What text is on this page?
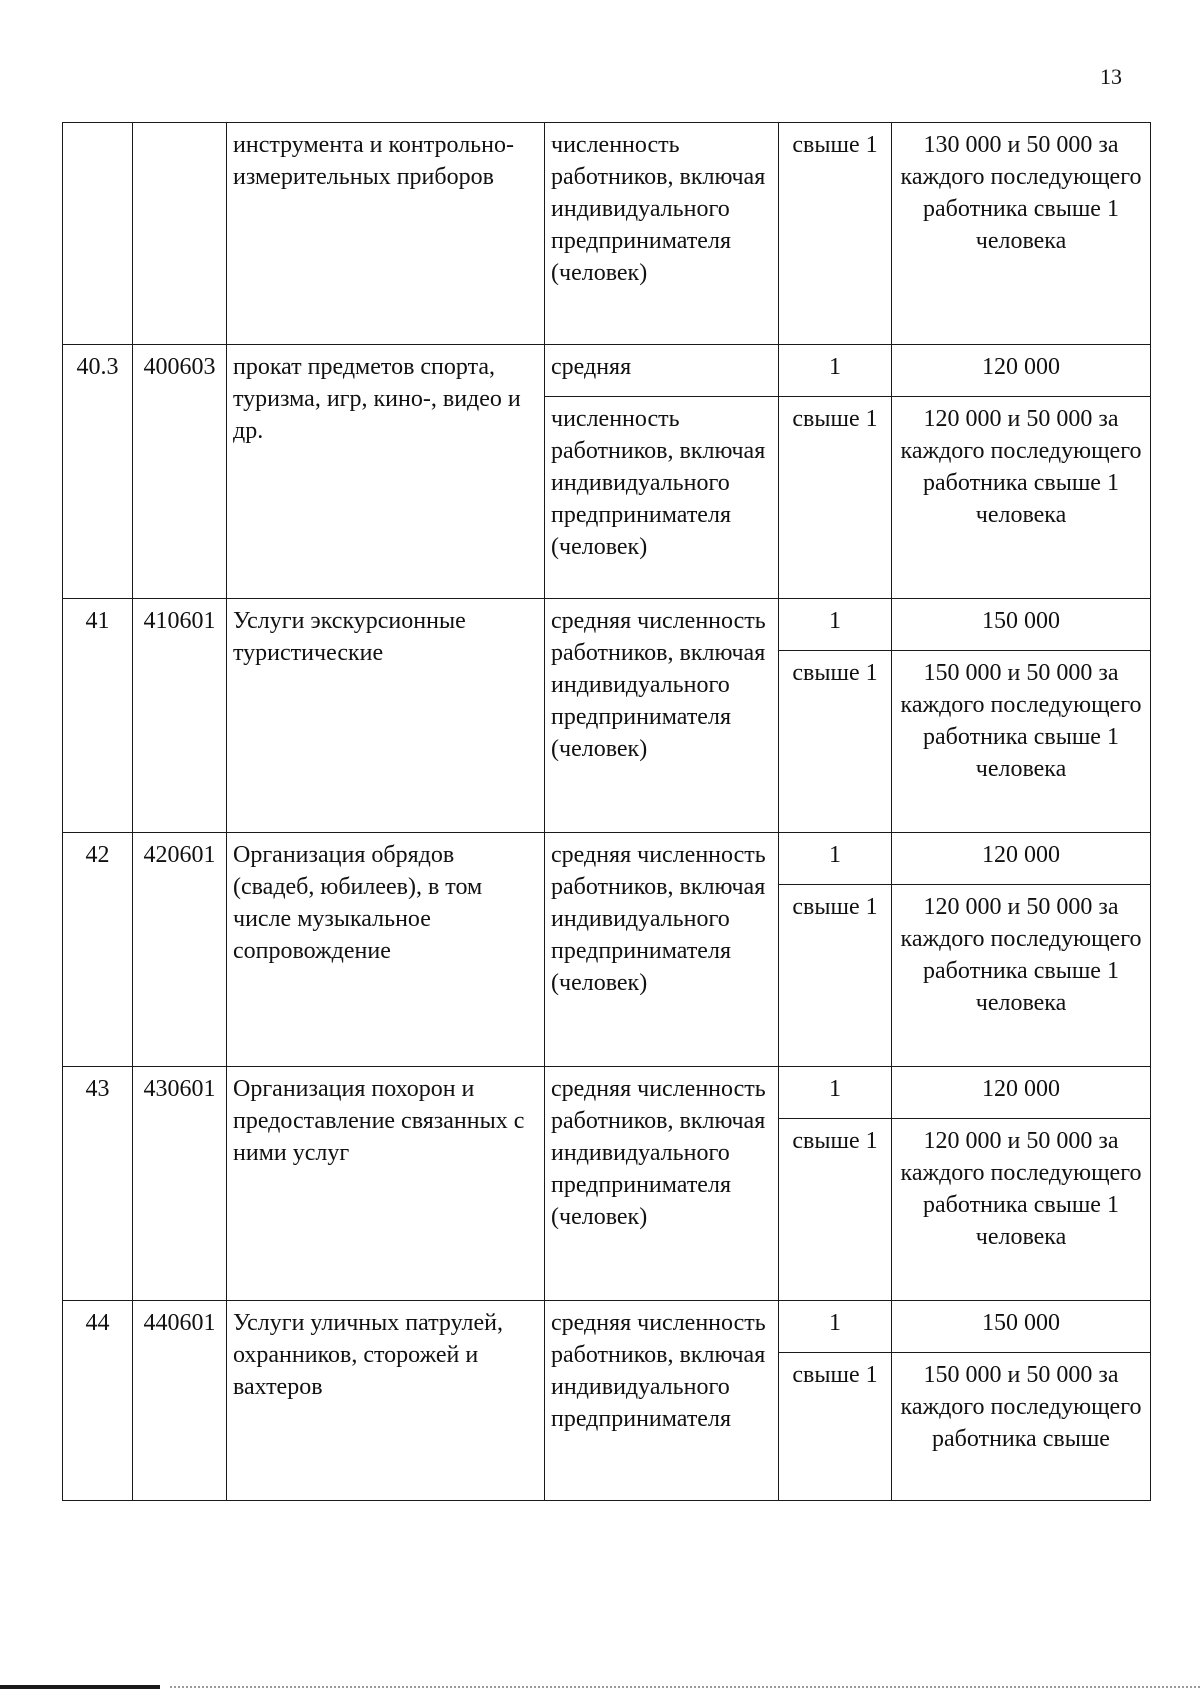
13
		инструмента и контрольно-измерительных приборов	численность работников, включая индивидуального предпринимателя (человек)	свыше 1	130 000 и 50 000 за каждого последующего работника свыше 1 человека
40.3	400603	прокат предметов спорта, туризма, игр, кино-, видео и др.	средняя	1	120 000
			численность работников, включая индивидуального предпринимателя (человек)	свыше 1	120 000 и 50 000 за каждого последующего работника свыше 1 человека
41	410601	Услуги экскурсионные туристические	средняя численность работников, включая индивидуального предпринимателя (человек)	1	150 000
				свыше 1	150 000 и 50 000 за каждого последующего работника свыше 1 человека
42	420601	Организация обрядов (свадеб, юбилеев), в том числе музыкальное сопровождение	средняя численность работников, включая индивидуального предпринимателя (человек)	1	120 000
				свыше 1	120 000 и 50 000 за каждого последующего работника свыше 1 человека
43	430601	Организация похорон и предоставление связанных с ними услуг	средняя численность работников, включая индивидуального предпринимателя (человек)	1	120 000
				свыше 1	120 000 и 50 000 за каждого последующего работника свыше 1 человека
44	440601	Услуги уличных патрулей, охранников, сторожей и вахтеров	средняя численность работников, включая индивидуального предпринимателя	1	150 000
				свыше 1	150 000 и 50 000 за каждого последующего работника свыше
